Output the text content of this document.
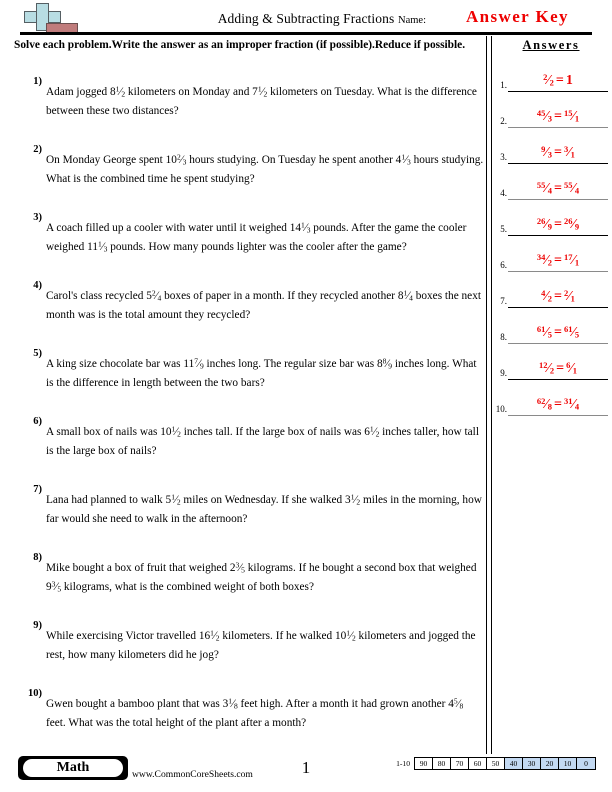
Adding & Subtracting Fractions Name: Answer Key
Solve each problem.Write the answer as an improper fraction (if possible).Reduce if possible.
1)
Adam jogged $8^1⁄2$ kilometers on Monday and $7^1⁄2$ kilometers on Tuesday. What is the difference between these two distances?
2)
On Monday George spent $10^2⁄3$ hours studying. On Tuesday he spent another $4^1⁄3$ hours studying. What is the combined time he spent studying?
3)
A coach filled up a cooler with water until it weighed $14^1⁄3$ pounds. After the game the cooler weighed $11^1⁄3$ pounds. How many pounds lighter was the cooler after the game?
4)
Carol's class recycled $5^2⁄4$ boxes of paper in a month. If they recycled another $8^1⁄4$ boxes the next month was is the total amount they recycled?
5)
A king size chocolate bar was $11^7⁄9$ inches long. The regular size bar was $8^8⁄9$ inches long. What is the difference in length between the two bars?
6)
A small box of nails was $10^1⁄2$ inches tall. If the large box of nails was $6^1⁄2$ inches taller, how tall is the large box of nails?
7)
Lana had planned to walk $5^1⁄2$ miles on Wednesday. If she walked $3^1⁄2$ miles in the morning, how far would she need to walk in the afternoon?
8)
Mike bought a box of fruit that weighed $2^3⁄5$ kilograms. If he bought a second box that weighed $9^3⁄5$ kilograms, what is the combined weight of both boxes?
9)
While exercising Victor travelled $16^1⁄2$ kilometers. If he walked $10^1⁄2$ kilometers and jogged the rest, how many kilometers did he jog?
10)
Gwen bought a bamboo plant that was $3^1⁄8$ feet high. After a month it had grown another $4^5⁄8$ feet. What was the total height of the plant after a month?
Answers
1.
$^2$⁄2 = 1
2.
$^{45}$⁄3 = $^{15}$⁄1
3.
$^9$⁄3 = $^3$⁄1
4.
$^{55}$⁄4 = $^{55}$⁄4
5.
$^{26}$⁄9 = $^{26}$⁄9
6.
$^{34}$⁄2 = $^{17}$⁄1
7.
$^4$⁄2 = $^2$⁄1
8.
$^{61}$⁄5 = $^{61}$⁄5
9.
$^{12}$⁄2 = $^6$⁄1
10.
$^{62}$⁄8 = $^{31}$⁄4
Math	www.CommonCoreSheets.com	1	1-10	90	80	70	60	50	40	30	20	10	0
